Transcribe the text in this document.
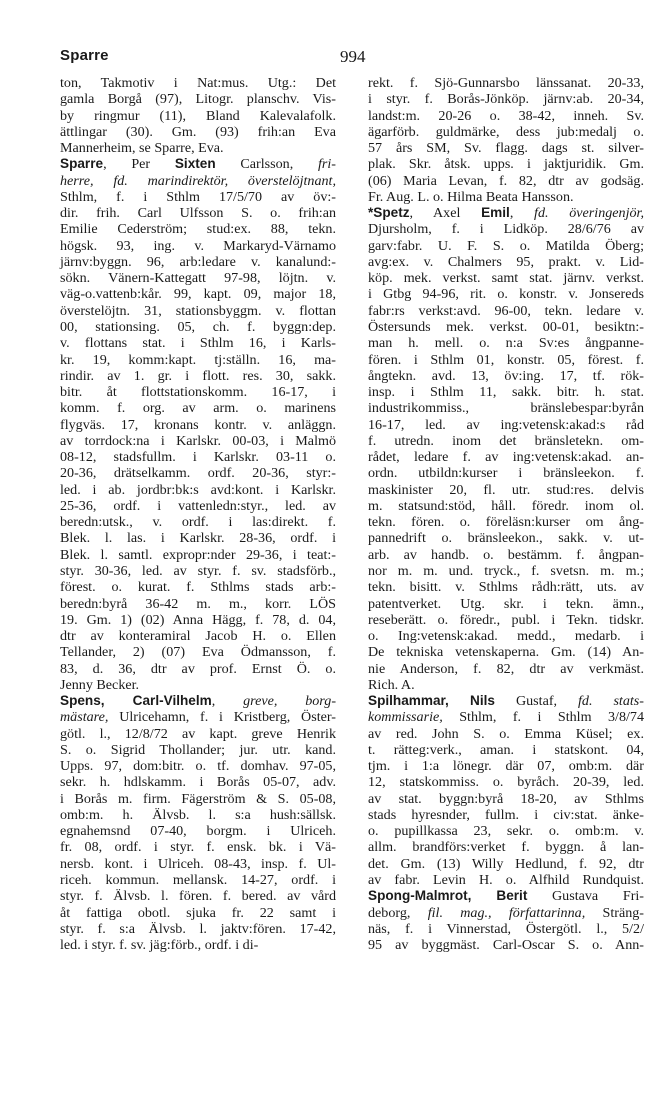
Sparre	994
ton, Takmotiv i Nat:mus. Utg.: Det
gamla Borgå (97), Litogr. planschv. Vis-
by ringmur (11), Bland Kalevalafolk.
ättlingar (30). Gm. (93) frih:an Eva
Mannerheim, se Sparre, Eva.
Sparre, Per Sixten Carlsson, fri-
herre, fd. marindirektör, överstelöjtnant,
Sthlm, f. i Sthlm 17/5/70 av öv:-
dir. frih. Carl Ulfsson S. o. frih:an
Emilie Cederström; stud:ex. 88, tekn.
högsk. 93, ing. v. Markaryd-Värnamo
järnv:byggn. 96, arb:ledare v. kanalund:-
sökn. Vänern-Kattegatt 97-98, löjtn. v.
väg-o.vattenb:kår. 99, kapt. 09, major 18,
överstelöjtn. 31, stationsbyggm. v. flottan
00, stationsing. 05, ch. f. byggn:dep.
v. flottans stat. i Sthlm 16, i Karls-
kr. 19, komm:kapt. tj:ställn. 16, ma-
rindir. av 1. gr. i flott. res. 30, sakk.
bitr. åt flottstationskomm. 16-17, i
komm. f. org. av arm. o. marinens
flygväs. 17, kronans kontr. v. anläggn.
av torrdock:na i Karlskr. 00-03, i Malmö
08-12, stadsfullm. i Karlskr. 03-11 o.
20-36, drätselkamm. ordf. 20-36, styr:-
led. i ab. jordbr:bk:s avd:kont. i Karlskr.
25-36, ordf. i vattenledn:styr., led. av
beredn:utsk., v. ordf. i las:direkt. f.
Blek. l. las. i Karlskr. 28-36, ordf. i
Blek. l. samtl. expropr:nder 29-36, i teat:-
styr. 30-36, led. av styr. f. sv. stadsförb.,
förest. o. kurat. f. Sthlms stads arb:-
beredn:byrå 36-42 m. m., korr. LÖS
19. Gm. 1) (02) Anna Hägg, f. 78, d. 04,
dtr av konteramiral Jacob H. o. Ellen
Tellander, 2) (07) Eva Ödmansson, f.
83, d. 36, dtr av prof. Ernst Ö. o.
Jenny Becker.
Spens, Carl-Vilhelm, greve, borg-
mästare, Ulricehamn, f. i Kristberg, Öster-
götl. l., 12/8/72 av kapt. greve Henrik
S. o. Sigrid Thollander; jur. utr. kand.
Upps. 97, dom:bitr. o. tf. domhav. 97-05,
sekr. h. hdlskamm. i Borås 05-07, adv.
i Borås m. firm. Fägerström & S. 05-08,
omb:m. h. Älvsb. l. s:a hush:sällsk.
egnahemsnd 07-40, borgm. i Ulriceh.
fr. 08, ordf. i styr. f. ensk. bk. i Vä-
nersb. kont. i Ulriceh. 08-43, insp. f. Ul-
riceh. kommun. mellansk. 14-27, ordf. i
styr. f. Älvsb. l. fören. f. bered. av vård
åt fattiga obotl. sjuka fr. 22 samt i
styr. f. s:a Älvsb. l. jaktv:fören. 17-42,
led. i styr. f. sv. jäg:förb., ordf. i di-
rekt. f. Sjö-Gunnarsbo länssanat. 20-33,
i styr. f. Borås-Jönköp. järnv:ab. 20-34,
landst:m. 20-26 o. 38-42, inneh. Sv.
ägarförb. guldmärke, dess jub:medalj o.
57 års SM, Sv. flagg. dags st. silver-
plak. Skr. åtsk. upps. i jaktjuridik. Gm.
(06) Maria Levan, f. 82, dtr av godsäg.
Fr. Aug. L. o. Hilma Beata Hansson.
*Spetz, Axel Emil, fd. överingenjör,
Djursholm, f. i Lidköp. 28/6/76 av
garv:fabr. U. F. S. o. Matilda Öberg;
avg:ex. v. Chalmers 95, prakt. v. Lid-
köp. mek. verkst. samt stat. järnv. verkst.
i Gtbg 94-96, rit. o. konstr. v. Jonsereds
fabr:rs verkst:avd. 96-00, tekn. ledare v.
Östersunds mek. verkst. 00-01, besiktn:-
man h. mell. o. n:a Sv:es ångpanne-
fören. i Sthlm 01, konstr. 05, förest. f.
ångtekn. avd. 13, öv:ing. 17, tf. rök-
insp. i Sthlm 11, sakk. bitr. h. stat.
industrikommiss., bränslebespar:byrån
16-17, led. av ing:vetensk:akad:s råd
f. utredn. inom det bränsletekn. om-
rådet, ledare f. av ing:vetensk:akad. an-
ordn. utbildn:kurser i bränsleekon. f.
maskinister 20, fl. utr. stud:res. delvis
m. statsund:stöd, håll. föredr. inom ol.
tekn. fören. o. föreläsn:kurser om ång-
pannedrift o. bränsleekon., sakk. v. ut-
arb. av handb. o. bestämm. f. ångpan-
nor m. m. und. tryck., f. svetsn. m. m.;
tekn. bisitt. v. Sthlms rådh:rätt, uts. av
patentverket. Utg. skr. i tekn. ämn.,
reseberätt. o. föredr., publ. i Tekn. tidskr.
o. Ing:vetensk:akad. medd., medarb. i
De tekniska vetenskaperna. Gm. (14) An-
nie Anderson, f. 82, dtr av verkmäst.
Rich. A.
Spilhammar, Nils Gustaf, fd. stats-
kommissarie, Sthlm, f. i Sthlm 3/8/74
av red. John S. o. Emma Küsel; ex.
t. rätteg:verk., aman. i statskont. 04,
tjm. i 1:a lönegr. där 07, omb:m. där
12, statskommiss. o. byråch. 20-39, led.
av stat. byggn:byrå 18-20, av Sthlms
stads hyresnder, fullm. i civ:stat. änke-
o. pupillkassa 23, sekr. o. omb:m. v.
allm. brandförs:verket f. byggn. å lan-
det. Gm. (13) Willy Hedlund, f. 92, dtr
av fabr. Levin H. o. Alfhild Rundquist.
Spong-Malmrot, Berit Gustava Fri-
deborg, fil. mag., författarinna, Sträng-
näs, f. i Vinnerstad, Östergötl. l., 5/2/
95 av byggmäst. Carl-Oscar S. o. Ann-
